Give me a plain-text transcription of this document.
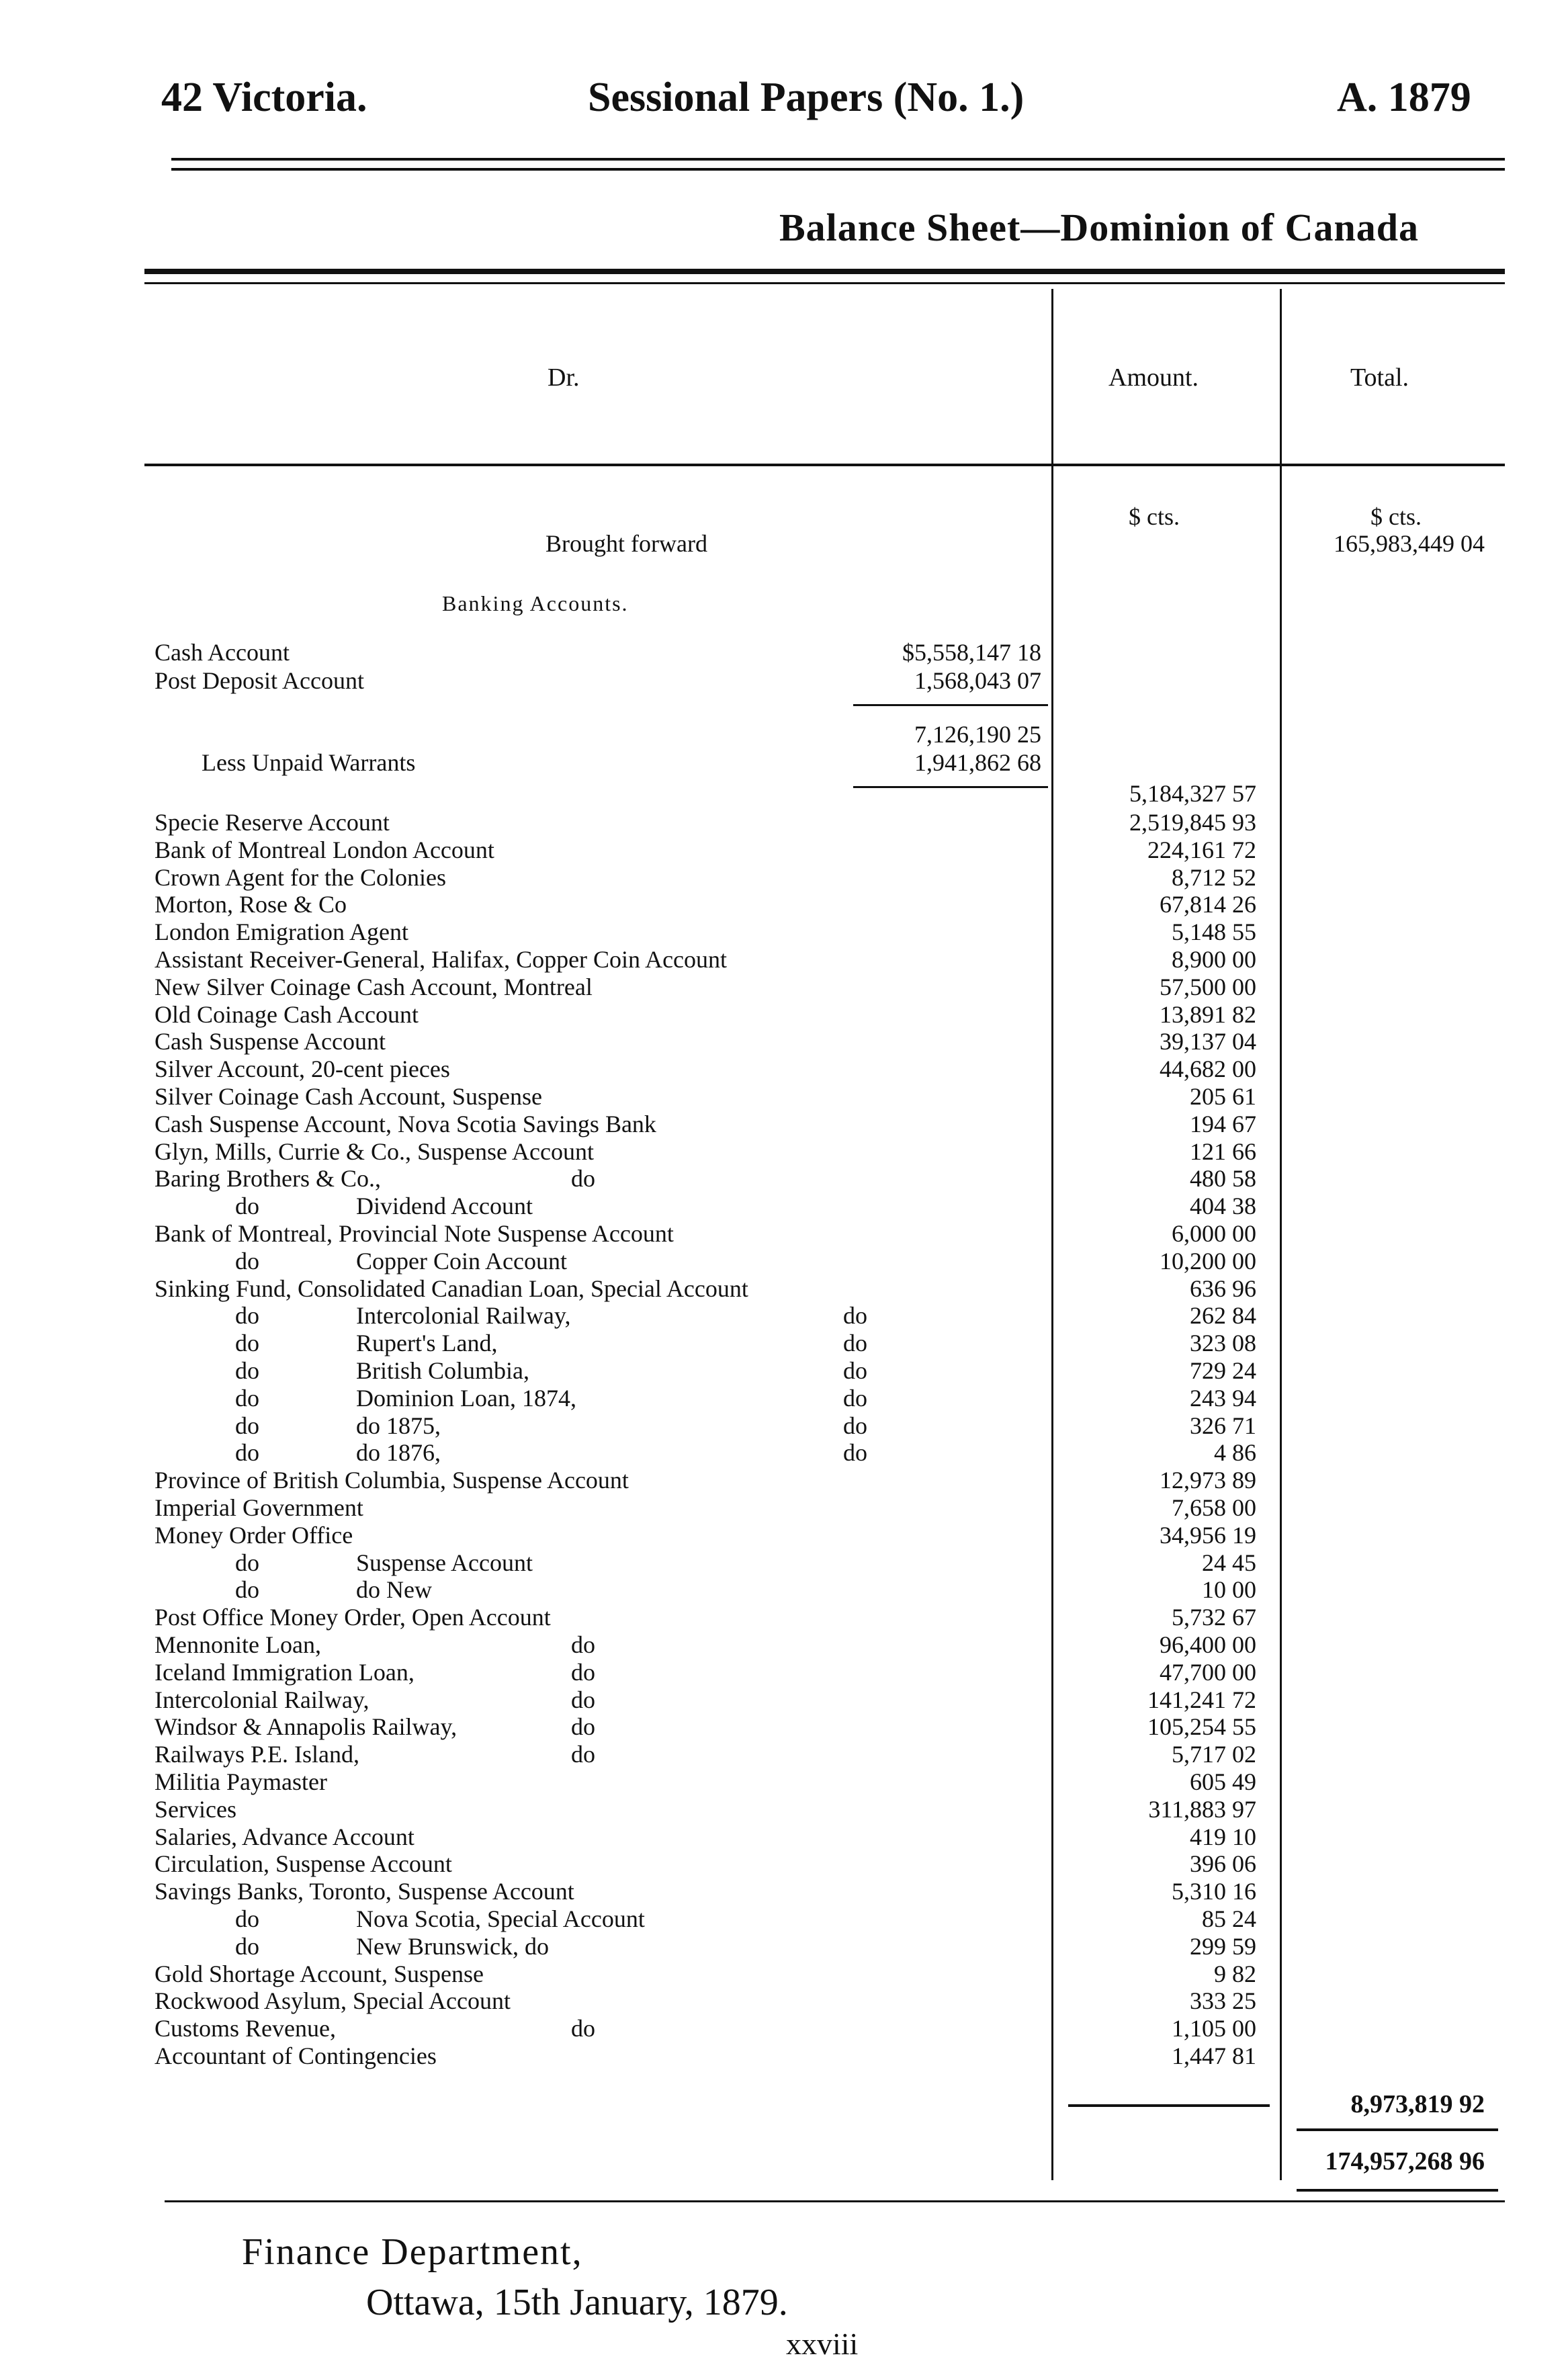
42 Victoria.	Sessional Papers (No. 1.)	A. 1879
Balance Sheet—Dominion of Canada
Dr.	Amount.	Total.
$ cts.	$ cts.
Brought forward	165,983,449 04
Banking Accounts.
Cash Account	$5,558,147 18
Post Deposit Account	1,568,043 07
7,126,190 25
Less Unpaid Warrants	1,941,862 68
5,184,327 57
Specie Reserve Account	2,519,845 93
Bank of Montreal London Account	224,161 72
Crown Agent for the Colonies	8,712 52
Morton, Rose & Co	67,814 26
London Emigration Agent	5,148 55
Assistant Receiver-General, Halifax, Copper Coin Account	8,900 00
New Silver Coinage Cash Account, Montreal	57,500 00
Old Coinage Cash Account	13,891 82
Cash Suspense Account	39,137 04
Silver Account, 20-cent pieces	44,682 00
Silver Coinage Cash Account, Suspense	205 61
Cash Suspense Account, Nova Scotia Savings Bank	194 67
Glyn, Mills, Currie & Co., Suspense Account	121 66
Baring Brothers & Co.,	do	480 58
do	Dividend Account	404 38
Bank of Montreal, Provincial Note Suspense Account	6,000 00
do	Copper Coin Account	10,200 00
Sinking Fund, Consolidated Canadian Loan, Special Account	636 96
do	Intercolonial Railway,	do	262 84
do	Rupert's Land,	do	323 08
do	British Columbia,	do	729 24
do	Dominion Loan, 1874,	do	243 94
do	do 1875,	do	326 71
do	do 1876,	do	4 86
Province of British Columbia, Suspense Account	12,973 89
Imperial Government	7,658 00
Money Order Office	34,956 19
do	Suspense Account	24 45
do	do New	10 00
Post Office Money Order, Open Account	5,732 67
Mennonite Loan,	do	96,400 00
Iceland Immigration Loan,	do	47,700 00
Intercolonial Railway,	do	141,241 72
Windsor & Annapolis Railway,	do	105,254 55
Railways P.E. Island,	do	5,717 02
Militia Paymaster	605 49
Services	311,883 97
Salaries, Advance Account	419 10
Circulation, Suspense Account	396 06
Savings Banks, Toronto, Suspense Account	5,310 16
do	Nova Scotia, Special Account	85 24
do	New Brunswick, do	299 59
Gold Shortage Account, Suspense	9 82
Rockwood Asylum, Special Account	333 25
Customs Revenue,	do	1,105 00
Accountant of Contingencies	1,447 81
8,973,819 92
174,957,268 96
Finance Department,
Ottawa, 15th January, 1879.
xxviii
